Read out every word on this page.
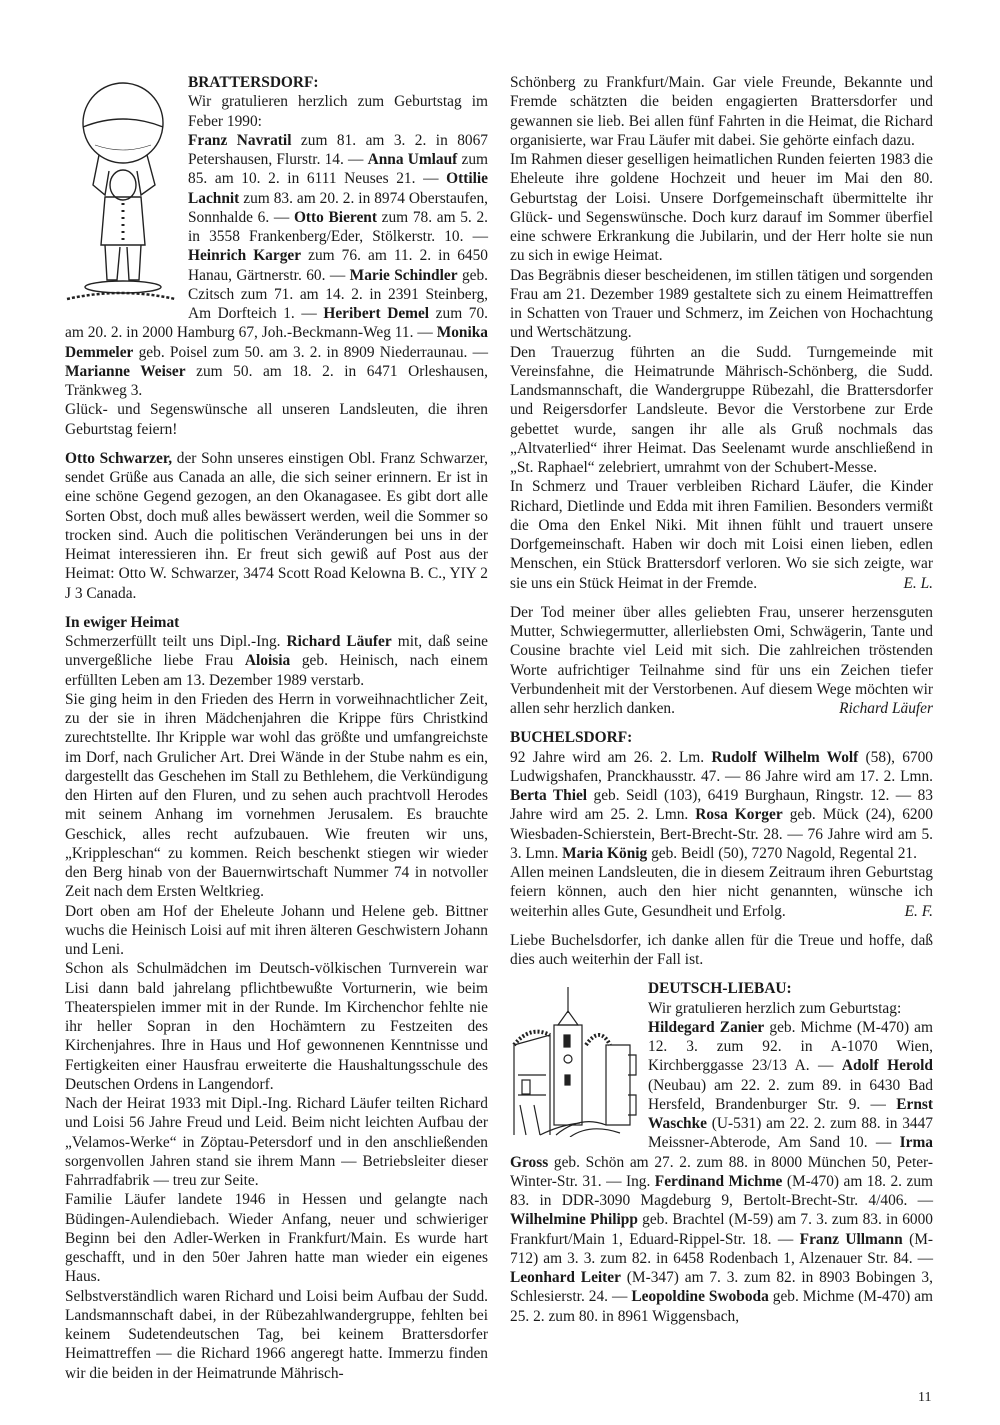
BRATTERSDORF:

Wir gratulieren herzlich zum Geburtstag im Feber 1990:

Franz Navratil zum 81. am 3. 2. in 8067 Petershausen, Flurstr. 14. — Anna Umlauf zum 85. am 10. 2. in 6111 Neuses 21. — Ottilie Lachnit zum 83. am 20. 2. in 8974 Oberstaufen, Sonnhalde 6. — Otto Bierent zum 78. am 5. 2. in 3558 Frankenberg/Eder, Stölkerstr. 10. — Heinrich Karger zum 76. am 11. 2. in 6450 Hanau, Gärtnerstr. 60. — Marie Schindler geb. Czitsch zum 71. am 14. 2. in 2391 Steinberg, Am Dorfteich 1. — Heribert Demel zum 70. am 20. 2. in 2000 Hamburg 67, Joh.-Beckmann-Weg 11. — Monika Demmeler geb. Poisel zum 50. am 3. 2. in 8909 Niederraunau. — Marianne Weiser zum 50. am 18. 2. in 6471 Orleshausen, Tränkweg 3.

Glück- und Segenswünsche all unseren Landsleuten, die ihren Geburtstag feiern!

Otto Schwarzer, der Sohn unseres einstigen Obl. Franz Schwarzer, sendet Grüße aus Canada an alle, die sich seiner erinnern. Er ist in eine schöne Gegend gezogen, an den Okanagasee. Es gibt dort alle Sorten Obst, doch muß alles bewässert werden, weil die Sommer so trocken sind. Auch die politischen Veränderungen bei uns in der Heimat interessieren ihn. Er freut sich gewiß auf Post aus der Heimat: Otto W. Schwarzer, 3474 Scott Road Kelowna B. C., YIY 2 J 3 Canada.

In ewiger Heimat

Schmerzerfüllt teilt uns Dipl.-Ing. Richard Läufer mit, daß seine unvergeßliche liebe Frau Aloisia geb. Heinisch, nach einem erfüllten Leben am 13. Dezember 1989 verstarb.

Sie ging heim in den Frieden des Herrn in vorweihnachtlicher Zeit, zu der sie in ihren Mädchenjahren die Krippe fürs Christkind zurechtstellte. Ihr Kripple war wohl das größte und umfangreichste im Dorf, nach Grulicher Art. Drei Wände in der Stube nahm es ein, dargestellt das Geschehen im Stall zu Bethlehem, die Verkündigung den Hirten auf den Fluren, und zu sehen auch prachtvoll Herodes mit seinem Anhang im vornehmen Jerusalem. Es brauchte Geschick, alles recht aufzubauen. Wie freuten wir uns, „Krippleschan“ zu kommen. Reich beschenkt stiegen wir wieder den Berg hinab von der Bauernwirtschaft Nummer 74 in notvoller Zeit nach dem Ersten Weltkrieg.

Dort oben am Hof der Eheleute Johann und Helene geb. Bittner wuchs die Heinisch Loisi auf mit ihren älteren Geschwistern Johann und Leni.

Schon als Schulmädchen im Deutsch-völkischen Turnverein war Lisi dann bald jahrelang pflichtbewußte Vorturnerin, wie beim Theaterspielen immer mit in der Runde. Im Kirchenchor fehlte nie ihr heller Sopran in den Hochämtern zu Festzeiten des Kirchenjahres. Ihre in Haus und Hof gewonnenen Kenntnisse und Fertigkeiten einer Hausfrau erweiterte die Haushaltungsschule des Deutschen Ordens in Langendorf.

Nach der Heirat 1933 mit Dipl.-Ing. Richard Läufer teilten Richard und Loisi 56 Jahre Freud und Leid. Beim nicht leichten Aufbau der „Velamos-Werke“ in Zöptau-Petersdorf und in den anschließenden sorgenvollen Jahren stand sie ihrem Mann — Betriebsleiter dieser Fahrradfabrik — treu zur Seite.

Familie Läufer landete 1946 in Hessen und gelangte nach Büdingen-Aulendiebach. Wieder Anfang, neuer und schwieriger Beginn bei den Adler-Werken in Frankfurt/Main. Es wurde hart geschafft, und in den 50er Jahren hatte man wieder ein eigenes Haus.

Selbstverständlich waren Richard und Loisi beim Aufbau der Sudd. Landsmannschaft dabei, in der Rübezahlwandergruppe, fehlten bei keinem Sudetendeutschen Tag, bei keinem Brattersdorfer Heimattreffen — die Richard 1966 angeregt hatte. Immerzu finden wir die beiden in der Heimatrunde Mährisch-

Schönberg zu Frankfurt/Main. Gar viele Freunde, Bekannte und Fremde schätzten die beiden engagierten Brattersdorfer und gewannen sie lieb. Bei allen fünf Fahrten in die Heimat, die Richard organisierte, war Frau Läufer mit dabei. Sie gehörte einfach dazu.

Im Rahmen dieser geselligen heimatlichen Runden feierten 1983 die Eheleute ihre goldene Hochzeit und heuer im Mai den 80. Geburtstag der Loisi. Unsere Dorfgemeinschaft übermittelte ihr Glück- und Segenswünsche. Doch kurz darauf im Sommer überfiel eine schwere Erkrankung die Jubilarin, und der Herr holte sie nun zu sich in ewige Heimat.

Das Begräbnis dieser bescheidenen, im stillen tätigen und sorgenden Frau am 21. Dezember 1989 gestaltete sich zu einem Heimattreffen in Schatten von Trauer und Schmerz, im Zeichen von Hochachtung und Wertschätzung.

Den Trauerzug führten an die Sudd. Turngemeinde mit Vereinsfahne, die Heimatrunde Mährisch-Schönberg, die Sudd. Landsmannschaft, die Wandergruppe Rübezahl, die Brattersdorfer und Reigersdorfer Landsleute. Bevor die Verstorbene zur Erde gebettet wurde, sangen ihr alle als Gruß nochmals das „Altvaterlied“ ihrer Heimat. Das Seelenamt wurde anschließend in „St. Raphael“ zelebriert, umrahmt von der Schubert-Messe.

In Schmerz und Trauer verbleiben Richard Läufer, die Kinder Richard, Dietlinde und Edda mit ihren Familien. Besonders vermißt die Oma den Enkel Niki. Mit ihnen fühlt und trauert unsere Dorfgemeinschaft. Haben wir doch mit Loisi einen lieben, edlen Menschen, ein Stück Brattersdorf verloren. Wo sie sich zeigte, war sie uns ein Stück Heimat in der Fremde.	E. L.

Der Tod meiner über alles geliebten Frau, unserer herzensguten Mutter, Schwiegermutter, allerliebsten Omi, Schwägerin, Tante und Cousine brachte viel Leid mit sich. Die zahlreichen tröstenden Worte aufrichtiger Teilnahme sind für uns ein Zeichen tiefer Verbundenheit mit der Verstorbenen. Auf diesem Wege möchten wir allen sehr herzlich danken.	Richard Läufer

BUCHELSDORF:

92 Jahre wird am 26. 2. Lm. Rudolf Wilhelm Wolf (58), 6700 Ludwigshafen, Pranckhausstr. 47. — 86 Jahre wird am 17. 2. Lmn. Berta Thiel geb. Seidl (103), 6419 Burghaun, Ringstr. 12. — 83 Jahre wird am 25. 2. Lmn. Rosa Korger geb. Mück (24), 6200 Wiesbaden-Schierstein, Bert-Brecht-Str. 28. — 76 Jahre wird am 5. 3. Lmn. Maria König geb. Beidl (50), 7270 Nagold, Regental 21.

Allen meinen Landsleuten, die in diesem Zeitraum ihren Geburtstag feiern können, auch den hier nicht genannten, wünsche ich weiterhin alles Gute, Gesundheit und Erfolg.	E. F.

Liebe Buchelsdorfer, ich danke allen für die Treue und hoffe, daß dies auch weiterhin der Fall ist.

DEUTSCH-LIEBAU:

Wir gratulieren herzlich zum Geburtstag:

Hildegard Zanier geb. Michme (M-470) am 12. 3. zum 92. in A-1070 Wien, Kirchberggasse 23/13 A. — Adolf Herold (Neubau) am 22. 2. zum 89. in 6430 Bad Hersfeld, Brandenburger Str. 9. — Ernst Waschke (U-531) am 22. 2. zum 88. in 3447 Meissner-Abterode, Am Sand 10. — Irma Gross geb. Schön am 27. 2. zum 88. in 8000 München 50, Peter-Winter-Str. 31. — Ing. Ferdinand Michme (M-470) am 18. 2. zum 83. in DDR-3090 Magdeburg 9, Bertolt-Brecht-Str. 4/406. — Wilhelmine Philipp geb. Brachtel (M-59) am 7. 3. zum 83. in 6000 Frankfurt/Main 1, Eduard-Rippel-Str. 18. — Franz Ullmann (M-712) am 3. 3. zum 82. in 6458 Rodenbach 1, Alzenauer Str. 84. — Leonhard Leiter (M-347) am 7. 3. zum 82. in 8903 Bobingen 3, Schlesierstr. 24. — Leopoldine Swoboda geb. Michme (M-470) am 25. 2. zum 80. in 8961 Wiggensbach,

11
